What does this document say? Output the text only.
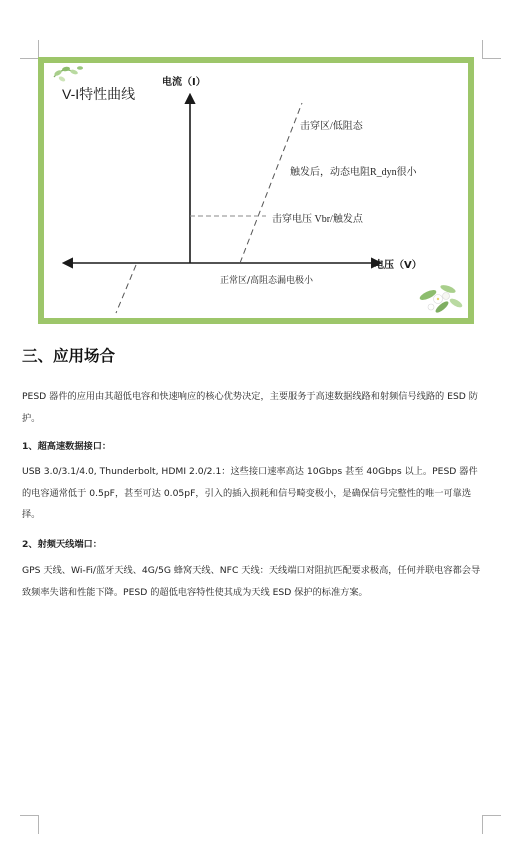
V-I特性曲线
电流（I）
电压（V）
击穿区/低阻态
触发后，动态电阻R_dyn很小
击穿电压 Vbr/触发点
正常区/高阻态漏电极小
三、应用场合

PESD 器件的应用由其超低电容和快速响应的核心优势决定，主要服务于高速数据线路和射频信号线路的 ESD 防护。

1、超高速数据接口：

USB 3.0/3.1/4.0, Thunderbolt, HDMI 2.0/2.1：这些接口速率高达 10Gbps 甚至 40Gbps 以上。PESD 器件的电容通常低于 0.5pF，甚至可达 0.05pF，引入的插入损耗和信号畸变极小，是确保信号完整性的唯一可靠选择。

2、射频天线端口：

GPS 天线、Wi-Fi/蓝牙天线、4G/5G 蜂窝天线、NFC 天线：天线端口对阻抗匹配要求极高，任何并联电容都会导致频率失谐和性能下降。PESD 的超低电容特性使其成为天线 ESD 保护的标准方案。
